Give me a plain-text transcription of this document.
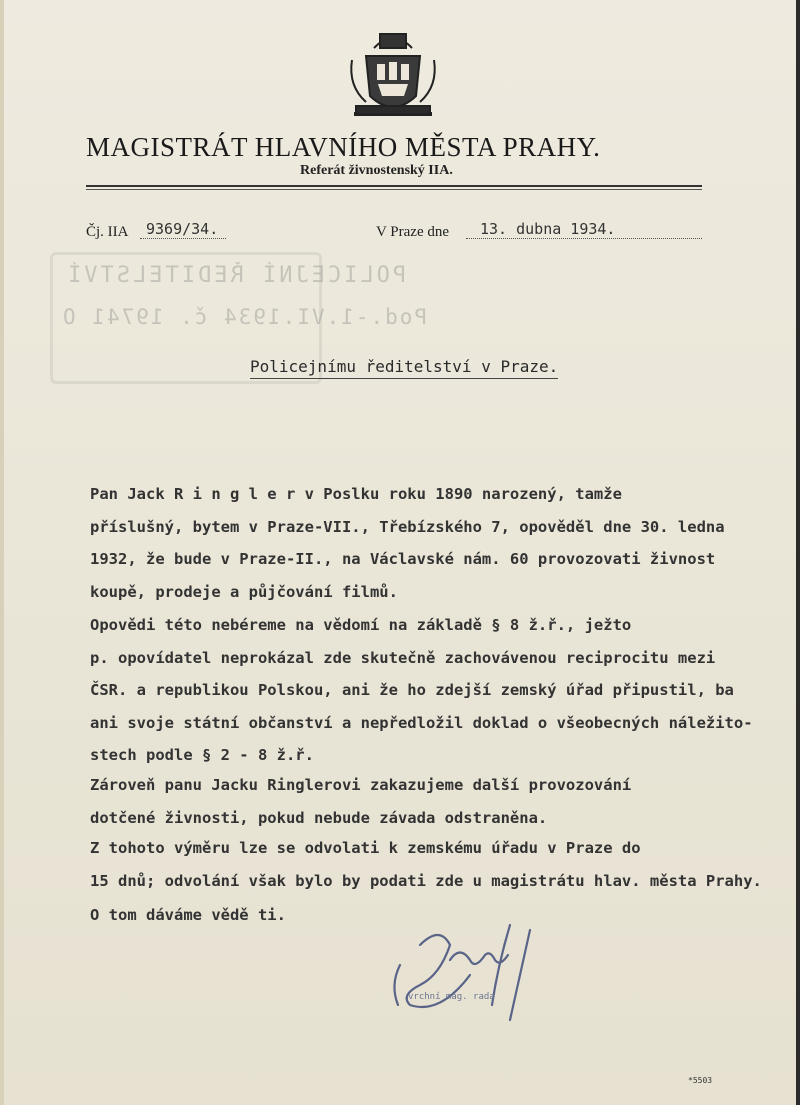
MAGISTRÁT HLAVNÍHO MĚSTA PRAHY.
Referát živnostenský IIA.
Čj. IIA 9369/34.	V Praze dne 13. dubna 1934.
POLICEJNÍ ŘEDITELSTVÍ
Pod.-1.VI.1934 č. 19741 O
Policejnímu ředitelství v Praze.
Pan Jack R i n g l e r v Poslku roku 1890 narozený, tamže
příslušný, bytem v Praze-VII., Třebízského 7, opověděl dne 30. ledna
1932, že bude v Praze-II., na Václavské nám. 60 provozovati živnost
koupě, prodeje a půjčování filmů.
Opovědi této nebéreme na vědomí na základě § 8 ž.ř., ježto
p. opovídatel neprokázal zde skutečně zachovávenou reciprocitu mezi
ČSR. a republikou Polskou, ani že ho zdejší zemský úřad připustil, ba
ani svoje státní občanství a nepředložil doklad o všeobecných náležito-
stech podle § 2 - 8 ž.ř.
Zároveň panu Jacku Ringlerovi zakazujeme další provozování
dotčené živnosti, pokud nebude závada odstraněna.
Z tohoto výměru lze se odvolati k zemskému úřadu v Praze do
15 dnů; odvolání však bylo by podati zde u magistrátu hlav. města Prahy.
O tom dáváme vědě ti.
vrchní mag. rada
*5503
